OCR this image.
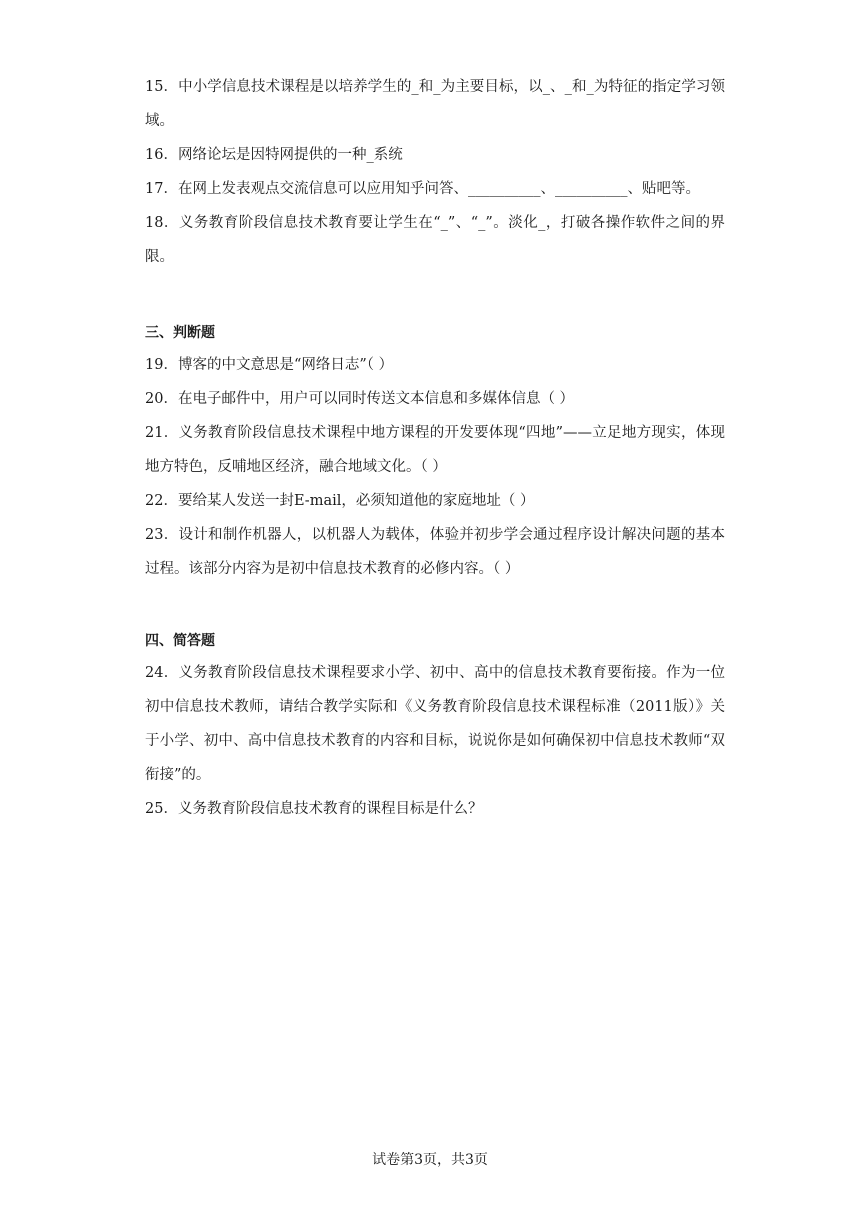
15．中小学信息技术课程是以培养学生的_和_为主要目标，以_、_和_为特征的指定学习领域。

16．网络论坛是因特网提供的一种_系统

17．在网上发表观点交流信息可以应用知乎问答、__________、__________、贴吧等。

18．义务教育阶段信息技术教育要让学生在“_”、“_”。淡化_，打破各操作软件之间的界限。

三、判断题

19．博客的中文意思是“网络日志”（ ）

20．在电子邮件中，用户可以同时传送文本信息和多媒体信息（ ）

21．义务教育阶段信息技术课程中地方课程的开发要体现“四地”——立足地方现实，体现地方特色，反哺地区经济，融合地域文化。（ ）

22．要给某人发送一封E-mail，必须知道他的家庭地址（ ）

23．设计和制作机器人，以机器人为载体，体验并初步学会通过程序设计解决问题的基本过程。该部分内容为是初中信息技术教育的必修内容。（ ）

四、简答题

24．义务教育阶段信息技术课程要求小学、初中、高中的信息技术教育要衔接。作为一位初中信息技术教师，请结合教学实际和《义务教育阶段信息技术课程标准（2011版）》关于小学、初中、高中信息技术教育的内容和目标，说说你是如何确保初中信息技术教师“双衔接”的。

25．义务教育阶段信息技术教育的课程目标是什么？

试卷第3页，共3页
